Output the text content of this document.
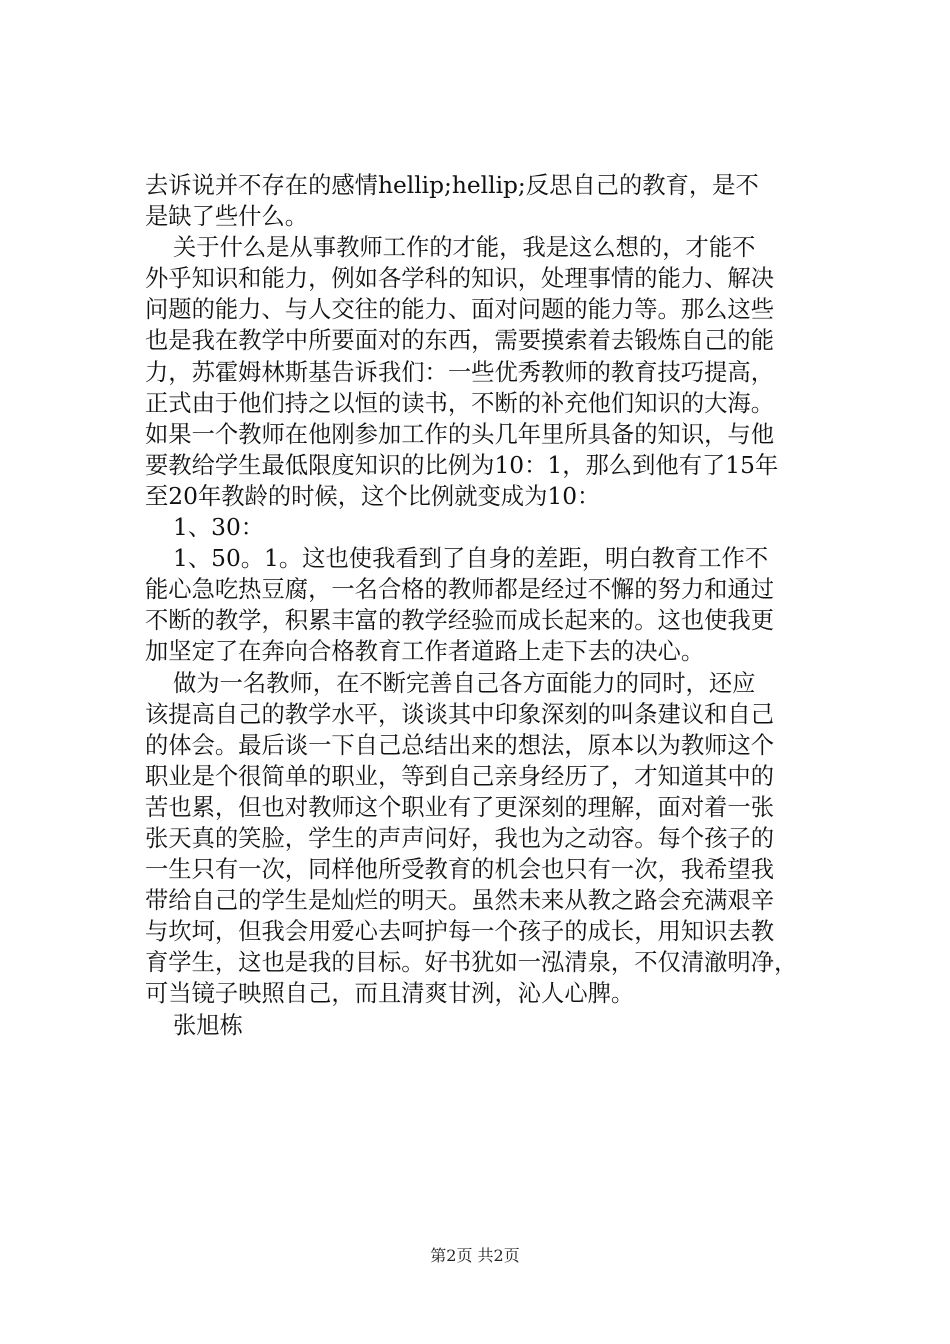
去诉说并不存在的感情hellip;hellip;反思自己的教育，是不
是缺了些什么。
关于什么是从事教师工作的才能，我是这么想的，才能不
外乎知识和能力，例如各学科的知识，处理事情的能力、解决
问题的能力、与人交往的能力、面对问题的能力等。那么这些
也是我在教学中所要面对的东西，需要摸索着去锻炼自己的能
力，苏霍姆林斯基告诉我们：一些优秀教师的教育技巧提高，
正式由于他们持之以恒的读书，不断的补充他们知识的大海。
如果一个教师在他刚参加工作的头几年里所具备的知识，与他
要教给学生最低限度知识的比例为10：1，那么到他有了15年
至20年教龄的时候，这个比例就变成为10：
1、30：
1、50。1。这也使我看到了自身的差距，明白教育工作不
能心急吃热豆腐，一名合格的教师都是经过不懈的努力和通过
不断的教学，积累丰富的教学经验而成长起来的。这也使我更
加坚定了在奔向合格教育工作者道路上走下去的决心。
做为一名教师，在不断完善自己各方面能力的同时，还应
该提高自己的教学水平，谈谈其中印象深刻的叫条建议和自己
的体会。最后谈一下自己总结出来的想法，原本以为教师这个
职业是个很简单的职业，等到自己亲身经历了，才知道其中的
苦也累，但也对教师这个职业有了更深刻的理解，面对着一张
张天真的笑脸，学生的声声问好，我也为之动容。每个孩子的
一生只有一次，同样他所受教育的机会也只有一次，我希望我
带给自己的学生是灿烂的明天。虽然未来从教之路会充满艰辛
与坎坷，但我会用爱心去呵护每一个孩子的成长，用知识去教
育学生，这也是我的目标。好书犹如一泓清泉，不仅清澈明净，
可当镜子映照自己，而且清爽甘洌，沁人心脾。
张旭栋
第2页 共2页
